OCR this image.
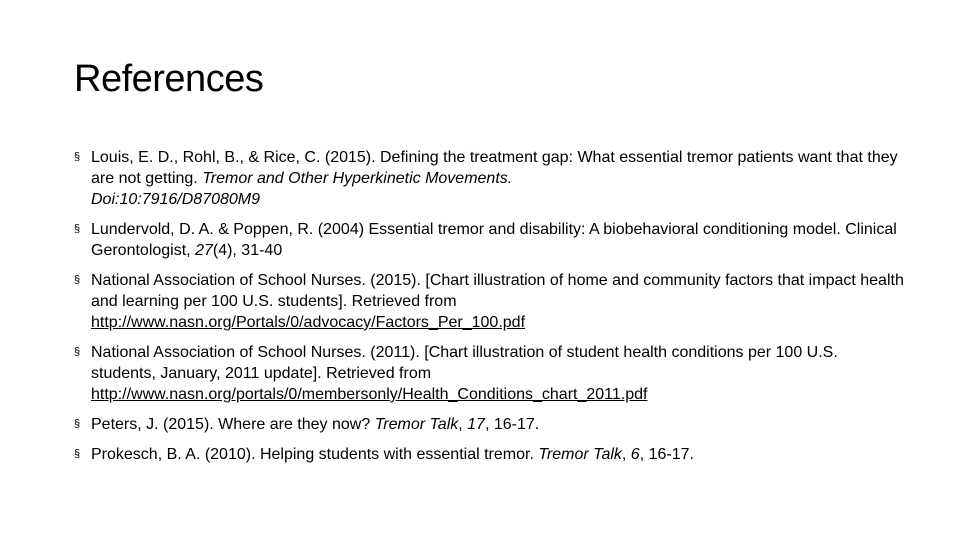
References
§ Louis, E. D., Rohl, B., & Rice, C. (2015). Defining the treatment gap: What essential tremor patients want that they are not getting. Tremor and Other Hyperkinetic Movements.
Doi:10:7916/D87080M9
§ Lundervold, D. A. & Poppen, R. (2004) Essential tremor and disability: A biobehavioral conditioning model. Clinical Gerontologist, 27(4), 31-40
§ National Association of School Nurses. (2015). [Chart illustration of home and community factors that impact health and learning per 100 U.S. students]. Retrieved from
http://www.nasn.org/Portals/0/advocacy/Factors_Per_100.pdf
§ National Association of School Nurses. (2011). [Chart illustration of student health conditions per 100 U.S. students, January, 2011 update]. Retrieved from
http://www.nasn.org/portals/0/membersonly/Health_Conditions_chart_2011.pdf
§ Peters, J. (2015). Where are they now? Tremor Talk, 17, 16-17.
§ Prokesch, B. A. (2010). Helping students with essential tremor. Tremor Talk, 6, 16-17.
